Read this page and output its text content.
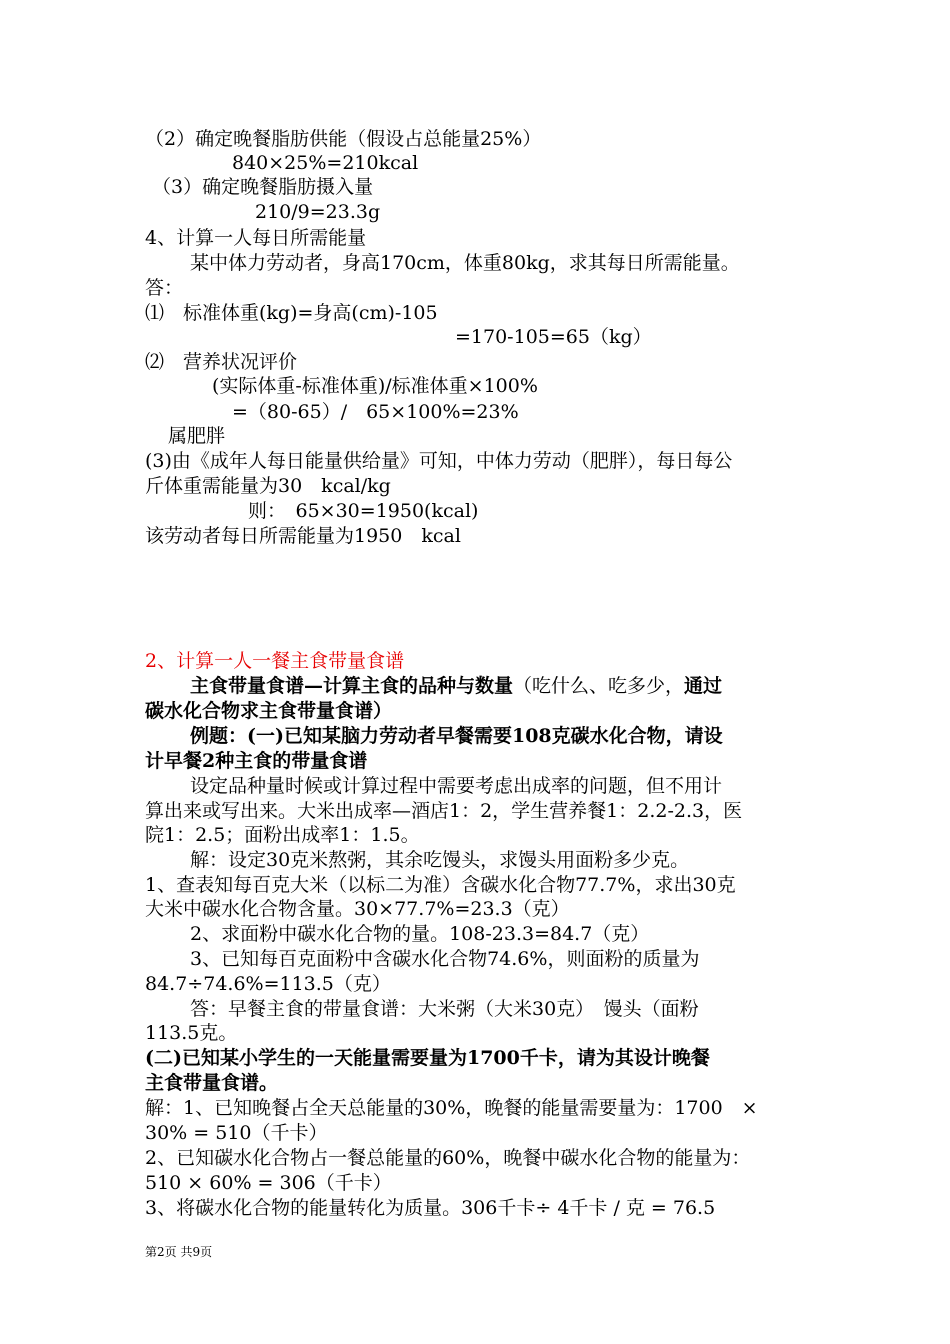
（2）确定晚餐脂肪供能（假设占总能量25%）
840×25%=210kcal
（3）确定晚餐脂肪摄入量
210/9=23.3g
4、计算一人每日所需能量
某中体力劳动者，身高170cm，体重80kg，求其每日所需能量。
答：
⑴　标准体重(kg)=身高(cm)-105
=170-105=65（kg）
⑵　营养状况评价
(实际体重-标准体重)/标准体重×100%
=（80-65）/　65×100%=23%
属肥胖
(3)由《成年人每日能量供给量》可知，中体力劳动（肥胖），每日每公
斤体重需能量为30　kcal/kg
则：　65×30=1950(kcal)
该劳动者每日所需能量为1950　kcal
2、计算一人一餐主食带量食谱
主食带量食谱—计算主食的品种与数量（吃什么、吃多少，通过
碳水化合物求主食带量食谱）
例题：(一)已知某脑力劳动者早餐需要108克碳水化合物，请设
计早餐2种主食的带量食谱
设定品种量时候或计算过程中需要考虑出成率的问题，但不用计
算出来或写出来。大米出成率—酒店1：2，学生营养餐1：2.2-2.3，医
院1：2.5；面粉出成率1：1.5。
解：设定30克米熬粥，其余吃馒头，求馒头用面粉多少克。
1、查表知每百克大米（以标二为准）含碳水化合物77.7%，求出30克
大米中碳水化合物含量。30×77.7%=23.3（克）
2、求面粉中碳水化合物的量。108-23.3=84.7（克）
3、已知每百克面粉中含碳水化合物74.6%，则面粉的质量为
84.7÷74.6%=113.5（克）
答：早餐主食的带量食谱：大米粥（大米30克）　馒头（面粉
113.5克。
(二)已知某小学生的一天能量需要量为1700千卡，请为其设计晚餐
主食带量食谱。
解：1、已知晚餐占全天总能量的30%，晚餐的能量需要量为：1700　×
30% = 510（千卡）
2、已知碳水化合物占一餐总能量的60%，晚餐中碳水化合物的能量为：
510 × 60% = 306（千卡）
3、将碳水化合物的能量转化为质量。306千卡÷ 4千卡 / 克 = 76.5
第2页 共9页
